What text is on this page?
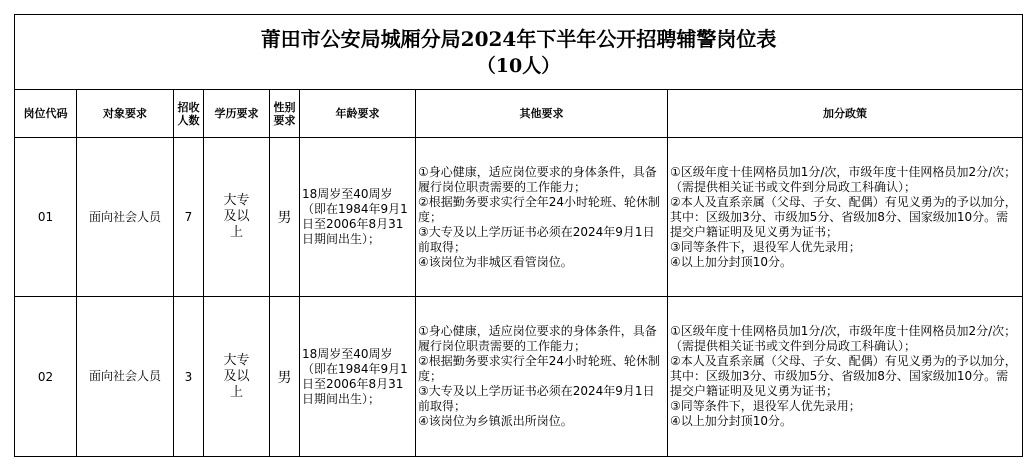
莆田市公安局城厢分局2024年下半年公开招聘辅警岗位表
（10人）							

岗位代码	对象要求	招收人数	学历要求	性别要求	年龄要求	其他要求	加分政策
01	面向社会人员	7	大专及以上	男	18周岁至40周岁（即在1984年9月1日至2006年8月31日期间出生）；	①身心健康，适应岗位要求的身体条件，具备履行岗位职责需要的工作能力；
②根据勤务要求实行全年24小时轮班、轮休制度；
③大专及以上学历证书必须在2024年9月1日前取得；
④该岗位为非城区看管岗位。	①区级年度十佳网格员加1分/次，市级年度十佳网格员加2分/次；（需提供相关证书或文件到分局政工科确认）；
②本人及直系亲属（父母、子女、配偶）有见义勇为的予以加分，其中：区级加3分、市级加5分、省级加8分、国家级加10分。需提交户籍证明及见义勇为证书；
③同等条件下，退役军人优先录用；
④以上加分封顶10分。

02	面向社会人员	3	大专及以上	男	18周岁至40周岁（即在1984年9月1日至2006年8月31日期间出生）；	①身心健康，适应岗位要求的身体条件，具备履行岗位职责需要的工作能力；
②根据勤务要求实行全年24小时轮班、轮休制度；
③大专及以上学历证书必须在2024年9月1日前取得；
④该岗位为乡镇派出所岗位。	①区级年度十佳网格员加1分/次，市级年度十佳网格员加2分/次；（需提供相关证书或文件到分局政工科确认）；
②本人及直系亲属（父母、子女、配偶）有见义勇为的予以加分，其中：区级加3分、市级加5分、省级加8分、国家级加10分。需提交户籍证明及见义勇为证书；
③同等条件下，退役军人优先录用；
④以上加分封顶10分。
